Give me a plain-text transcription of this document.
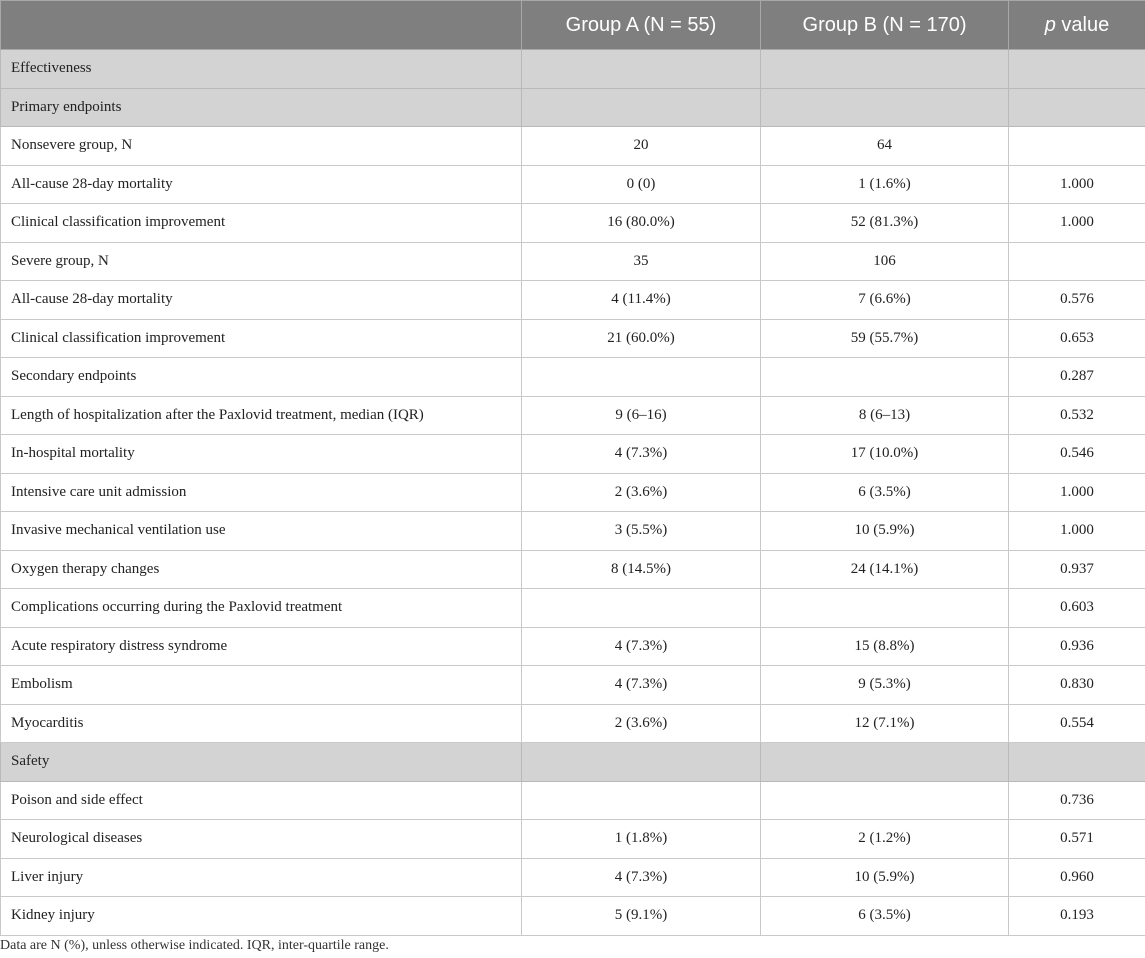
	Group A (N = 55)	Group B (N = 170)	p value
Effectiveness			
Primary endpoints			
Nonsevere group, N	20	64	
All-cause 28-day mortality	0 (0)	1 (1.6%)	1.000
Clinical classification improvement	16 (80.0%)	52 (81.3%)	1.000
Severe group, N	35	106	
All-cause 28-day mortality	4 (11.4%)	7 (6.6%)	0.576
Clinical classification improvement	21 (60.0%)	59 (55.7%)	0.653
Secondary endpoints			0.287
Length of hospitalization after the Paxlovid treatment, median (IQR)	9 (6–16)	8 (6–13)	0.532
In-hospital mortality	4 (7.3%)	17 (10.0%)	0.546
Intensive care unit admission	2 (3.6%)	6 (3.5%)	1.000
Invasive mechanical ventilation use	3 (5.5%)	10 (5.9%)	1.000
Oxygen therapy changes	8 (14.5%)	24 (14.1%)	0.937
Complications occurring during the Paxlovid treatment			0.603
Acute respiratory distress syndrome	4 (7.3%)	15 (8.8%)	0.936
Embolism	4 (7.3%)	9 (5.3%)	0.830
Myocarditis	2 (3.6%)	12 (7.1%)	0.554
Safety			
Poison and side effect			0.736
Neurological diseases	1 (1.8%)	2 (1.2%)	0.571
Liver injury	4 (7.3%)	10 (5.9%)	0.960
Kidney injury	5 (9.1%)	6 (3.5%)	0.193
Data are N (%), unless otherwise indicated. IQR, inter-quartile range.
